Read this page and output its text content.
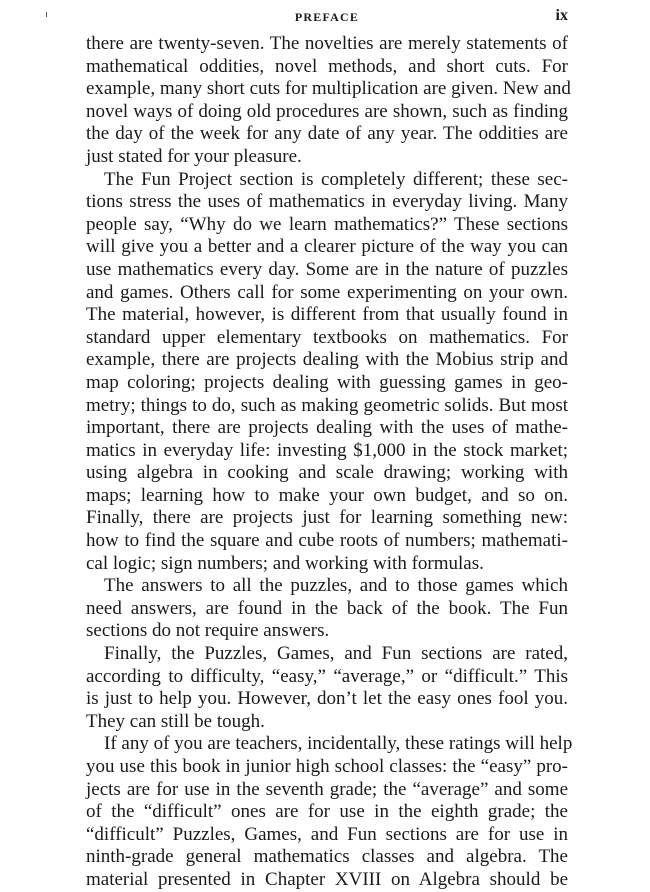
PREFACE	ix
there are twenty-seven. The novelties are merely statements of
mathematical oddities, novel methods, and short cuts. For
example, many short cuts for multiplication are given. New and
novel ways of doing old procedures are shown, such as finding
the day of the week for any date of any year. The oddities are
just stated for your pleasure.
The Fun Project section is completely different; these sec-
tions stress the uses of mathematics in everyday living. Many
people say, “Why do we learn mathematics?” These sections
will give you a better and a clearer picture of the way you can
use mathematics every day. Some are in the nature of puzzles
and games. Others call for some experimenting on your own.
The material, however, is different from that usually found in
standard upper elementary textbooks on mathematics. For
example, there are projects dealing with the Mobius strip and
map coloring; projects dealing with guessing games in geo-
metry; things to do, such as making geometric solids. But most
important, there are projects dealing with the uses of mathe-
matics in everyday life: investing $1,000 in the stock market;
using algebra in cooking and scale drawing; working with
maps; learning how to make your own budget, and so on.
Finally, there are projects just for learning something new:
how to find the square and cube roots of numbers; mathemati-
cal logic; sign numbers; and working with formulas.
The answers to all the puzzles, and to those games which
need answers, are found in the back of the book. The Fun
sections do not require answers.
Finally, the Puzzles, Games, and Fun sections are rated,
according to difficulty, “easy,” “average,” or “difficult.” This
is just to help you. However, don’t let the easy ones fool you.
They can still be tough.
If any of you are teachers, incidentally, these ratings will help
you use this book in junior high school classes: the “easy” pro-
jects are for use in the seventh grade; the “average” and some
of the “difficult” ones are for use in the eighth grade; the
“difficult” Puzzles, Games, and Fun sections are for use in
ninth-grade general mathematics classes and algebra. The
material presented in Chapter XVIII on Algebra should be
